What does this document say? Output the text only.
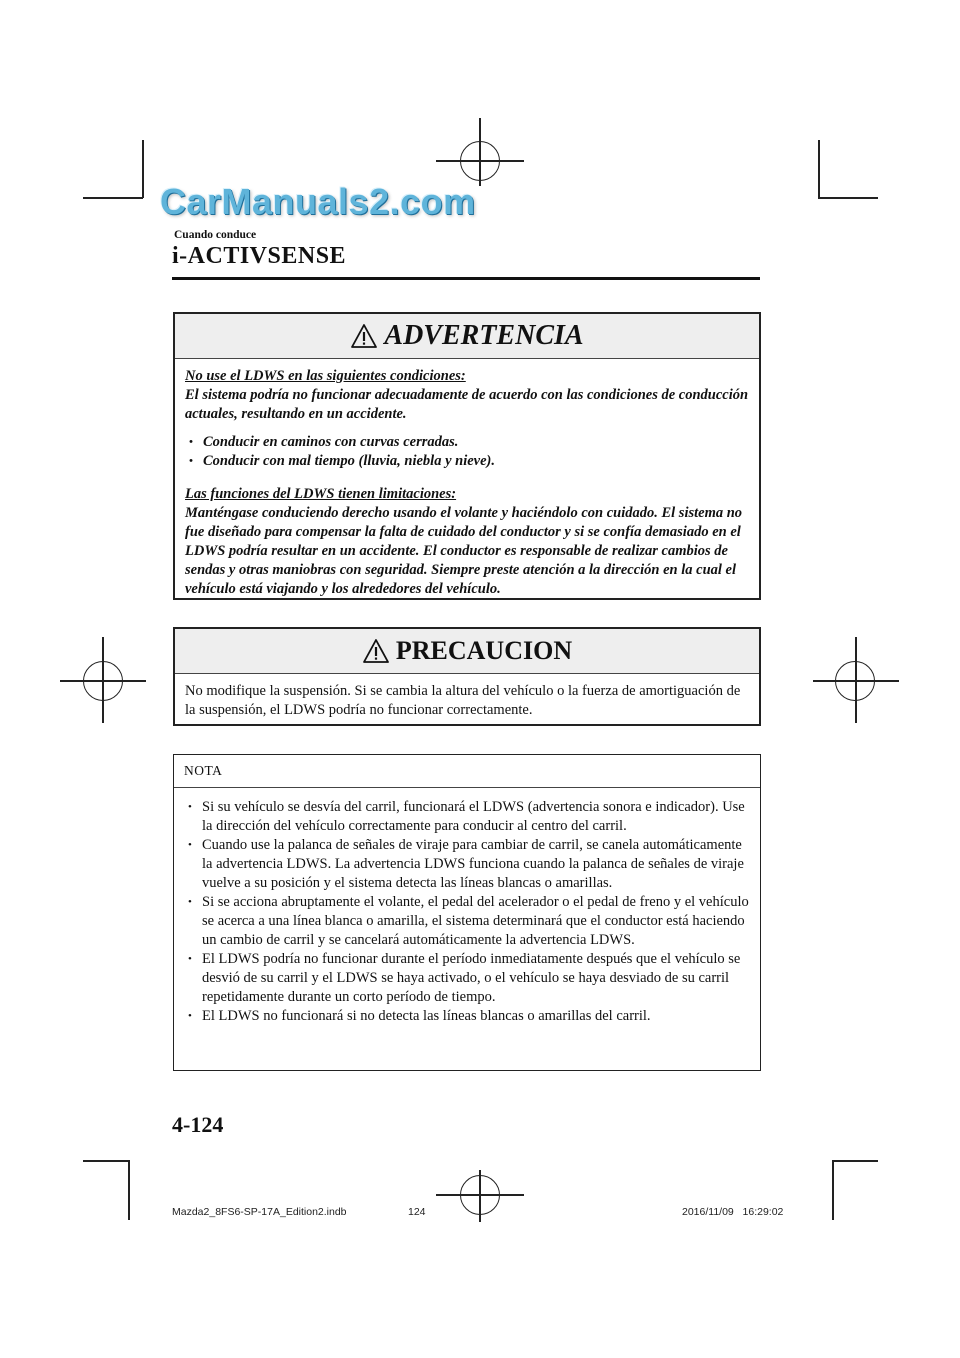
CarManuals2.com

Cuando conduce
i-ACTIVSENSE
ADVERTENCIA
No use el LDWS en las siguientes condiciones:
El sistema podría no funcionar adecuadamente de acuerdo con las condiciones de conducción actuales, resultando en un accidente.
• Conducir en caminos con curvas cerradas.
• Conducir con mal tiempo (lluvia, niebla y nieve).
Las funciones del LDWS tienen limitaciones:
Manténgase conduciendo derecho usando el volante y haciéndolo con cuidado. El sistema no fue diseñado para compensar la falta de cuidado del conductor y si se confía demasiado en el LDWS podría resultar en un accidente. El conductor es responsable de realizar cambios de sendas y otras maniobras con seguridad. Siempre preste atención a la dirección en la cual el vehículo está viajando y los alrededores del vehículo.
PRECAUCION
No modifique la suspensión. Si se cambia la altura del vehículo o la fuerza de amortiguación de la suspensión, el LDWS podría no funcionar correctamente.
NOTA
• Si su vehículo se desvía del carril, funcionará el LDWS (advertencia sonora e indicador). Use la dirección del vehículo correctamente para conducir al centro del carril.
• Cuando use la palanca de señales de viraje para cambiar de carril, se canela automáticamente la advertencia LDWS. La advertencia LDWS funciona cuando la palanca de señales de viraje vuelve a su posición y el sistema detecta las líneas blancas o amarillas.
• Si se acciona abruptamente el volante, el pedal del acelerador o el pedal de freno y el vehículo se acerca a una línea blanca o amarilla, el sistema determinará que el conductor está haciendo un cambio de carril y se cancelará automáticamente la advertencia LDWS.
• El LDWS podría no funcionar durante el período inmediatamente después que el vehículo se desvió de su carril y el LDWS se haya activado, o el vehículo se haya desviado de su carril repetidamente durante un corto período de tiempo.
• El LDWS no funcionará si no detecta las líneas blancas o amarillas del carril.
4-124
Mazda2_8FS6-SP-17A_Edition2.indb	124	2016/11/09   16:29:02
